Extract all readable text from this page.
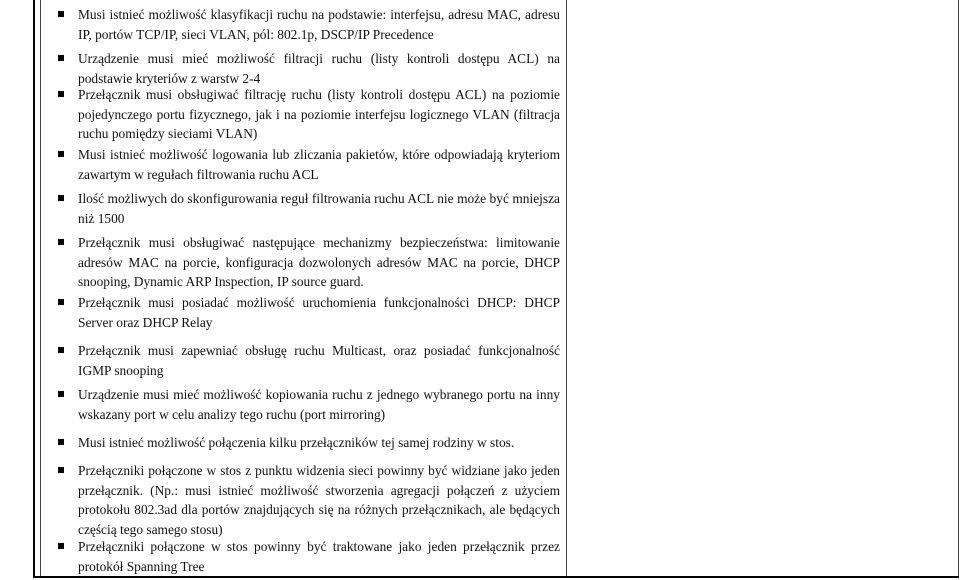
Musi istnieć możliwość klasyfikacji ruchu na podstawie: interfejsu, adresu MAC, adresu IP, portów TCP/IP, sieci VLAN, pól: 802.1p, DSCP/IP Precedence
Urządzenie musi mieć możliwość filtracji ruchu (listy kontroli dostępu ACL) na podstawie kryteriów z warstw 2-4
Przełącznik musi obsługiwać filtrację ruchu (listy kontroli dostępu ACL) na poziomie pojedynczego portu fizycznego, jak i na poziomie interfejsu logicznego VLAN (filtracja ruchu pomiędzy sieciami VLAN)
Musi istnieć możliwość logowania lub zliczania pakietów, które odpowiadają kryteriom zawartym w regułach filtrowania ruchu ACL
Ilość możliwych do skonfigurowania reguł filtrowania ruchu ACL nie może być mniejsza niż 1500
Przełącznik musi obsługiwać następujące mechanizmy bezpieczeństwa: limitowanie adresów MAC na porcie, konfiguracja dozwolonych adresów MAC na porcie, DHCP snooping, Dynamic ARP Inspection, IP source guard.
Przełącznik musi posiadać możliwość uruchomienia funkcjonalności DHCP: DHCP Server oraz DHCP Relay
Przełącznik musi zapewniać obsługę ruchu Multicast, oraz posiadać funkcjonalność IGMP snooping
Urządzenie musi mieć możliwość kopiowania ruchu z jednego wybranego portu na inny wskazany port w celu analizy tego ruchu (port mirroring)
Musi istnieć możliwość połączenia kilku przełączników tej samej rodziny w stos.
Przełączniki połączone w stos z punktu widzenia sieci powinny być widziane jako jeden przełącznik. (Np.: musi istnieć możliwość stworzenia agregacji połączeń z użyciem protokołu 802.3ad dla portów znajdujących się na różnych przełącznikach, ale będących częścią tego samego stosu)
Przełączniki połączone w stos powinny być traktowane jako jeden przełącznik przez protokół Spanning Tree
